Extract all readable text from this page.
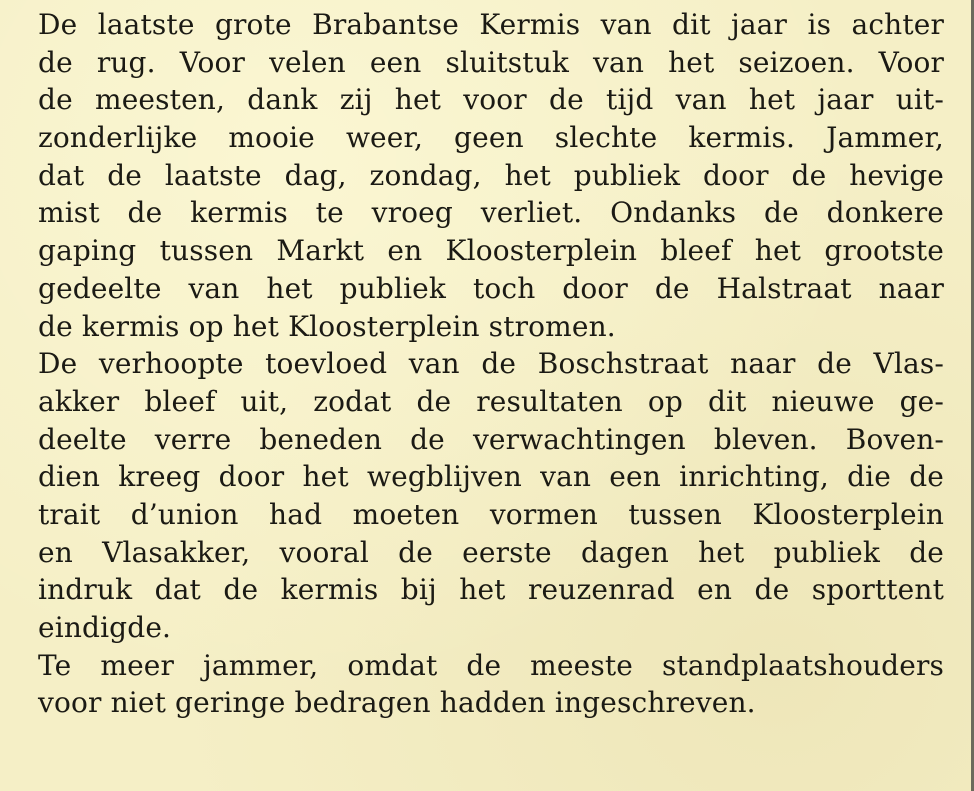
De laatste grote Brabantse Kermis van dit jaar is achter
de rug. Voor velen een sluitstuk van het seizoen. Voor
de meesten, dank zij het voor de tijd van het jaar uit-
zonderlijke mooie weer, geen slechte kermis. Jammer,
dat de laatste dag, zondag, het publiek door de hevige
mist de kermis te vroeg verliet. Ondanks de donkere
gaping tussen Markt en Kloosterplein bleef het grootste
gedeelte van het publiek toch door de Halstraat naar
de kermis op het Kloosterplein stromen.
De verhoopte toevloed van de Boschstraat naar de Vlas-
akker bleef uit, zodat de resultaten op dit nieuwe ge-
deelte verre beneden de verwachtingen bleven. Boven-
dien kreeg door het wegblijven van een inrichting, die de
trait d’union had moeten vormen tussen Kloosterplein
en Vlasakker, vooral de eerste dagen het publiek de
indruk dat de kermis bij het reuzenrad en de sporttent
eindigde.
Te meer jammer, omdat de meeste standplaatshouders
voor niet geringe bedragen hadden ingeschreven.
